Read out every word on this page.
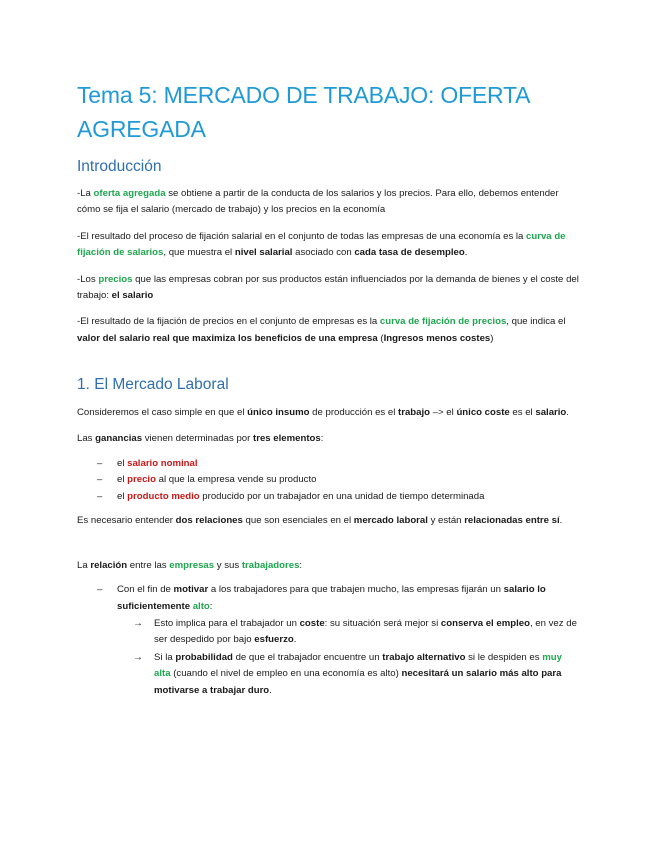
Tema 5: MERCADO DE TRABAJO: OFERTA AGREGADA
Introducción

-La oferta agregada se obtiene a partir de la conducta de los salarios y los precios. Para ello, debemos entender cómo se fija el salario (mercado de trabajo) y los precios en la economía

-El resultado del proceso de fijación salarial en el conjunto de todas las empresas de una economía es la curva de fijación de salarios, que muestra el nivel salarial asociado con cada tasa de desempleo.

-Los precios que las empresas cobran por sus productos están influenciados por la demanda de bienes y el coste del trabajo: el salario

-El resultado de la fijación de precios en el conjunto de empresas es la curva de fijación de precios, que indica el valor del salario real que maximiza los beneficios de una empresa (Ingresos menos costes)

1. El Mercado Laboral

Consideremos el caso simple en que el único insumo de producción es el trabajo –> el único coste es el salario.

Las ganancias vienen determinadas por tres elementos:

– el salario nominal
– el precio al que la empresa vende su producto
– el producto medio producido por un trabajador en una unidad de tiempo determinada

Es necesario entender dos relaciones que son esenciales en el mercado laboral y están relacionadas entre sí.

La relación entre las empresas y sus trabajadores:

– Con el fin de motivar a los trabajadores para que trabajen mucho, las empresas fijarán un salario lo suficientemente alto:
→ Esto implica para el trabajador un coste: su situación será mejor si conserva el empleo, en vez de ser despedido por bajo esfuerzo.
→ Si la probabilidad de que el trabajador encuentre un trabajo alternativo si le despiden es muy alta (cuando el nivel de empleo en una economía es alto) necesitará un salario más alto para motivarse a trabajar duro.
